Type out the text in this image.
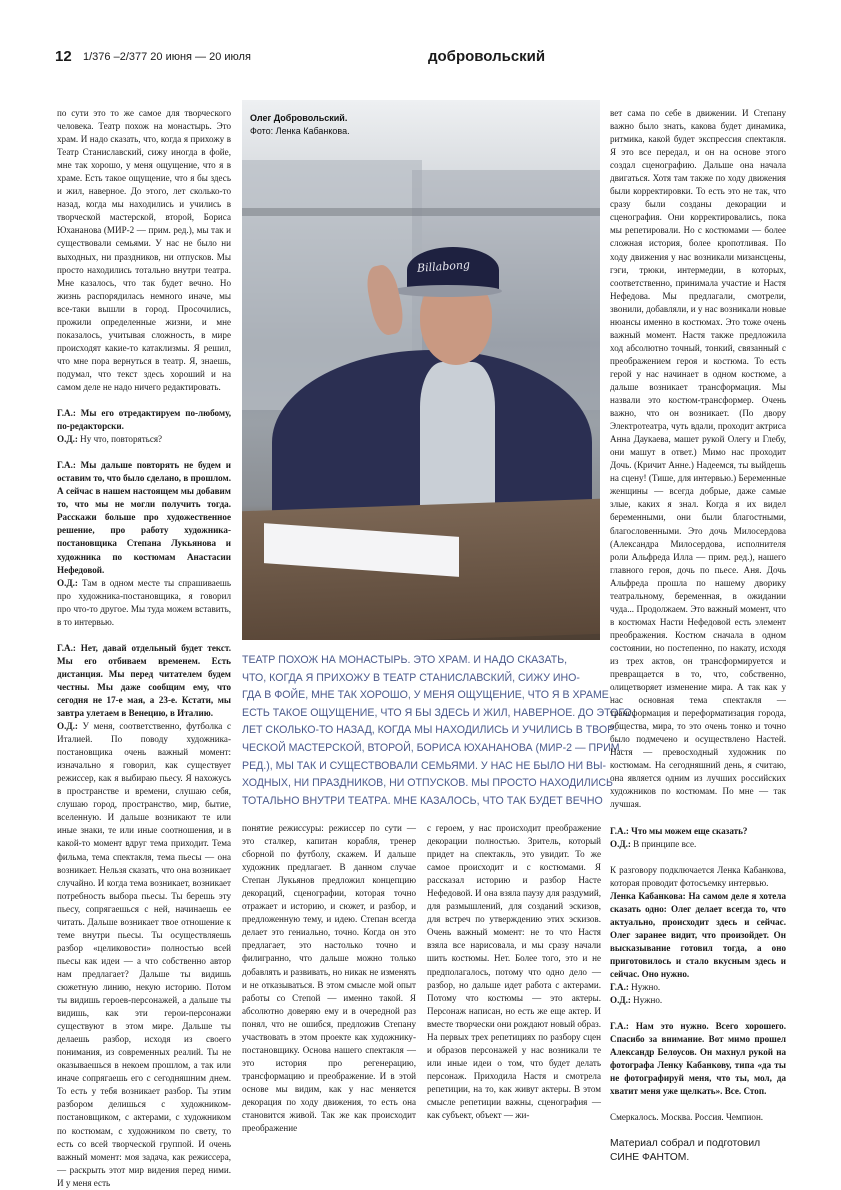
12 1/376 –2/377 20 июня — 20 июля	добровольский

по сути это то же самое для творческого человека. Театр похож на монастырь. Это храм. И надо сказать, что, когда я прихожу в Театр Станиславский, сижу иногда в фойе, мне так хорошо, у меня ощущение, что я в храме. Есть такое ощущение, что я бы здесь и жил, наверное. До этого, лет сколько-то назад, когда мы находились и учились в творческой мастерской, второй, Бориса Юхананова (МИР-2 — прим. ред.), мы так и существовали семьями. У нас не было ни выходных, ни праздников, ни отпусков. Мы просто находились тотально внутри театра. Мне казалось, что так будет вечно. Но жизнь распорядилась немного иначе, мы все-таки вышли в город. Просочились, прожили определенные жизни, и мне показалось, учитывая сложность, в мире происходят какие-то катаклизмы. Я решил, что мне пора вернуться в театр. Я, знаешь, подумал, что текст здесь хороший и на самом деле не надо ничего редактировать.

Г.А.: Мы его отредактируем по-любому, по-редакторски.

О.Д.: Ну что, повторяться?

Г.А.: Мы дальше повторять не будем и оставим то, что было сделано, в прошлом. А сейчас в нашем настоящем мы добавим то, что мы не могли получить тогда. Расскажи больше про художественное решение, про работу художника-постановщика Степана Лукьянова и художника по костюмам Анастасии Нефедовой.

О.Д.: Там в одном месте ты спрашиваешь про художника-постановщика, я говорил про что-то другое. Мы туда можем вставить, в то интервью.

Г.А.: Нет, давай отдельный будет текст. Мы его отбиваем временем. Есть дистанция. Мы перед читателем будем честны. Мы даже сообщим ему, что сегодня не 17-е мая, а 23-е. Кстати, мы завтра улетаем в Венецию, в Италию.

О.Д.: У меня, соответственно, футболка с Италией. По поводу художника-постановщика очень важный момент: изначально я говорил, как существует режиссер, как я выбираю пьесу. Я нахожусь в пространстве и времени, слушаю себя, слушаю город, пространство, мир, бытие, вселенную. И дальше возникают те или иные знаки, те или иные соотношения, и в какой-то момент вдруг тема приходит. Тема фильма, тема спектакля, тема пьесы — она возникает. Нельзя сказать, что она возникает случайно. И когда тема возникает, возникает потребность выбора пьесы. Ты берешь эту пьесу, сопрягаешься с ней, начинаешь ее читать. Дальше возникает твое отношение к теме внутри пьесы. Ты осуществляешь разбор «целиковости» полностью всей пьесы как идеи — а что собственно автор нам предлагает? Дальше ты видишь сюжетную линию, некую историю. Потом ты видишь героев-персонажей, а дальше ты видишь, как эти герои-персонажи существуют в этом мире. Дальше ты делаешь разбор, исходя из своего понимания, из современных реалий. Ты не оказываешься в некоем прошлом, а так или иначе сопрягаешь его с сегодняшним днем. То есть у тебя возникает разбор. Ты этим разбором делишься с художником-постановщиком, с актерами, с художником по костюмам, с художником по свету, то есть со всей творческой группой. И очень важный момент: моя задача, как режиссера,— раскрыть этот мир видения перед ними. И у меня есть

Billabong
Олег Добровольский.
Фото: Ленка Кабанкова.
ТЕАТР ПОХОЖ НА МОНАСТЫРЬ. ЭТО ХРАМ. И НАДО СКАЗАТЬ,
ЧТО, КОГДА Я ПРИХОЖУ В ТЕАТР СТАНИСЛАВСКИЙ, СИЖУ ИНО-
ГДА В ФОЙЕ, МНЕ ТАК ХОРОШО, У МЕНЯ ОЩУЩЕНИЕ, ЧТО Я В ХРАМЕ.
ЕСТЬ ТАКОЕ ОЩУЩЕНИЕ, ЧТО Я БЫ ЗДЕСЬ И ЖИЛ, НАВЕРНОЕ. ДО ЭТОГО,
ЛЕТ СКОЛЬКО-ТО НАЗАД, КОГДА МЫ НАХОДИЛИСЬ И УЧИЛИСЬ В ТВОР-
ЧЕСКОЙ МАСТЕРСКОЙ, ВТОРОЙ, БОРИСА ЮХАНАНОВА (МИР-2 — ПРИМ.
РЕД.), МЫ ТАК И СУЩЕСТВОВАЛИ СЕМЬЯМИ. У НАС НЕ БЫЛО НИ ВЫ-
ХОДНЫХ, НИ ПРАЗДНИКОВ, НИ ОТПУСКОВ. МЫ ПРОСТО НАХОДИЛИСЬ
ТОТАЛЬНО ВНУТРИ ТЕАТРА. МНЕ КАЗАЛОСЬ, ЧТО ТАК БУДЕТ ВЕЧНО

понятие режиссуры: режиссер по сути — это сталкер, капитан корабля, тренер сборной по футболу, скажем. И дальше художник предлагает. В данном случае Степан Лукьянов предложил концепцию декораций, сценографии, которая точно отражает и историю, и сюжет, и разбор, и предложенную тему, и идею. Степан всегда делает это гениально, точно. Когда он это предлагает, это настолько точно и филигранно, что дальше можно только добавлять и развивать, но никак не изменять и не отказываться. В этом смысле мой опыт работы со Степой — именно такой. Я абсолютно доверяю ему и в очередной раз понял, что не ошибся, предложив Степану участвовать в этом проекте как художнику-постановщику. Основа нашего спектакля — это история про регенерацию, трансформацию и преображение. И в этой основе мы видим, как у нас меняется декорация по ходу движения, то есть она становится живой. Так же как происходит преображение

с героем, у нас происходит преображение декорации полностью. Зритель, который придет на спектакль, это увидит. То же самое происходит и с костюмами. Я рассказал историю и разбор Насте Нефедовой. И она взяла паузу для раздумий, для размышлений, для созданий эскизов, для встреч по утверждению этих эскизов. Очень важный момент: не то что Настя взяла все нарисовала, и мы сразу начали шить костюмы. Нет. Более того, это и не предполагалось, потому что одно дело — разбор, но дальше идет работа с актерами. Потому что костюмы — это актеры. Персонаж написан, но есть же еще актер. И вместе творчески они рождают новый образ. На первых трех репетициях по разбору сцен и образов персонажей у нас возникали те или иные идеи о том, что будет делать персонаж. Приходила Настя и смотрела репетиции, на то, как живут актеры. В этом смысле репетиции важны, сценография — как субъект, объект — жи-

вет сама по себе в движении. И Степану важно было знать, какова будет динамика, ритмика, какой будет экспрессия спектакля. Я это все передал, и он на основе этого создал сценографию. Дальше она начала двигаться. Хотя там также по ходу движения были корректировки. То есть это не так, что сразу были созданы декорации и сценография. Они корректировались, пока мы репетировали. Но с костюмами — более сложная история, более кропотливая. По ходу движения у нас возникали мизансцены, гэги, трюки, интермедии, в которых, соответственно, принимала участие и Настя Нефедова. Мы предлагали, смотрели, звонили, добавляли, и у нас возникали новые нюансы именно в костюмах. Это тоже очень важный момент. Настя также предложила ход абсолютно точный, тонкий, связанный с преображением героя и костюма. То есть герой у нас начинает в одном костюме, а дальше возникает трансформация. Мы назвали это костюм-трансформер. Очень важно, что он возникает. (По двору Электротеатра, чуть вдали, проходит актриса Анна Даукаева, машет рукой Олегу и Глебу, они машут в ответ.) Мимо нас проходит Дочь. (Кричит Анне.) Надеемся, ты выйдешь на сцену! (Тише, для интервью.) Беременные женщины — всегда добрые, даже самые злые, каких я знал. Когда я их видел беременными, они были благостными, благословенными. Это дочь Милосердова (Александра Милосердова, исполнителя роли Альфреда Илла — прим. ред.), нашего главного героя, дочь по пьесе. Аня. Дочь Альфреда прошла по нашему дворику театральному, беременная, в ожидании чуда... Продолжаем. Это важный момент, что в костюмах Насти Нефедовой есть элемент преображения. Костюм сначала в одном состоянии, но постепенно, по накату, исходя из трех актов, он трансформируется и превращается в то, что, собственно, олицетворяет изменение мира. А так как у нас основная тема спектакля — трансформация и переформатизация города, общества, мира, то это очень тонко и точно было подмечено и осуществлено Настей. Настя — превосходный художник по костюмам. На сегодняшний день, я считаю, она является одним из лучших российских художников по костюмам. По мне — так лучшая.

Г.А.: Что мы можем еще сказать?

О.Д.: В принципе все.

К разговору подключается Ленка Кабанкова, которая проводит фотосъемку интервью.

Ленка Кабанкова: На самом деле я хотела сказать одно: Олег делает всегда то, что актуально, происходит здесь и сейчас. Олег заранее видит, что произойдет. Он высказывание готовил тогда, а оно приготовилось и стало вкусным здесь и сейчас. Оно нужно.

Г.А.: Нужно.

О.Д.: Нужно.

Г.А.: Нам это нужно. Всего хорошего. Спасибо за внимание. Вот мимо прошел Александр Белоусов. Он махнул рукой на фотографа Ленку Кабанкову, типа «да ты не фотографируй меня, что ты, мол, да хватит меня уже щелкать». Все. Стоп.

Смеркалось. Москва. Россия. Чемпион.

Материал собрал и подготовил
СИНЕ ФАНТОМ.
